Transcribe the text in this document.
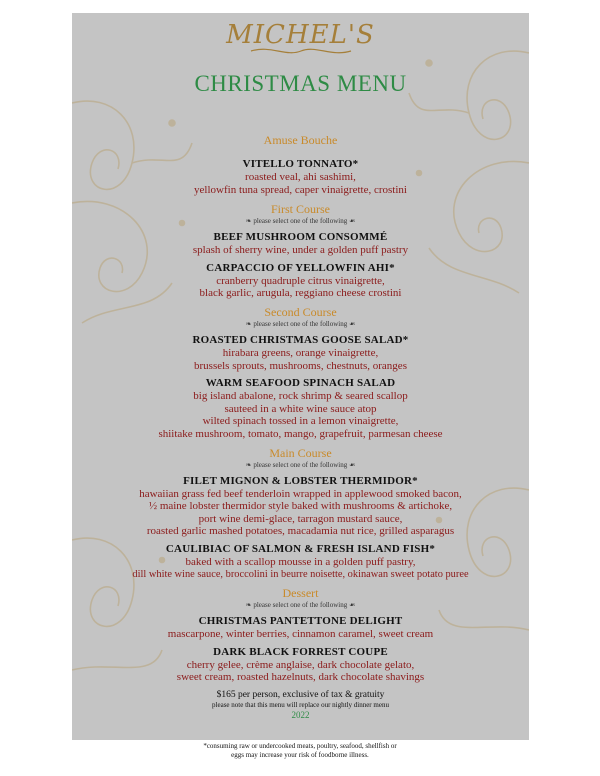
MICHEL'S
CHRISTMAS MENU
Amuse Bouche
VITELLO TONNATO*
roasted veal, ahi sashimi,
yellowfin tuna spread, caper vinaigrette, crostini
First Course
❧ please select one of the following ☙
BEEF MUSHROOM CONSOMMÉ
splash of sherry wine, under a golden puff pastry
CARPACCIO OF YELLOWFIN AHI*
cranberry quadruple citrus vinaigrette,
black garlic, arugula, reggiano cheese crostini
Second Course
❧ please select one of the following ☙
ROASTED CHRISTMAS GOOSE SALAD*
hirabara greens, orange vinaigrette,
brussels sprouts, mushrooms, chestnuts, oranges
WARM SEAFOOD SPINACH SALAD
big island abalone, rock shrimp & seared scallop
sauteed in a white wine sauce atop
wilted spinach tossed in a lemon vinaigrette,
shiitake mushroom, tomato, mango, grapefruit, parmesan cheese
Main Course
❧ please select one of the following ☙
FILET MIGNON & LOBSTER THERMIDOR*
hawaiian grass fed beef tenderloin wrapped in applewood smoked bacon,
½ maine lobster thermidor style baked with mushrooms & artichoke,
port wine demi-glace, tarragon mustard sauce,
roasted garlic mashed potatoes, macadamia nut rice, grilled asparagus
CAULIBIAC OF SALMON & FRESH ISLAND FISH*
baked with a scallop mousse in a golden puff pastry,
dill white wine sauce, broccolini in beurre noisette, okinawan sweet potato puree
Dessert
❧ please select one of the following ☙
CHRISTMAS PANTETTONE DELIGHT
mascarpone, winter berries, cinnamon caramel, sweet cream
DARK BLACK FORREST COUPE
cherry gelee, crème anglaise, dark chocolate gelato,
sweet cream, roasted hazelnuts, dark chocolate shavings
$165 per person, exclusive of tax & gratuity
please note that this menu will replace our nightly dinner menu
2022
*consuming raw or undercooked meats, poultry, seafood, shellfish or
eggs may increase your risk of foodborne illness.
